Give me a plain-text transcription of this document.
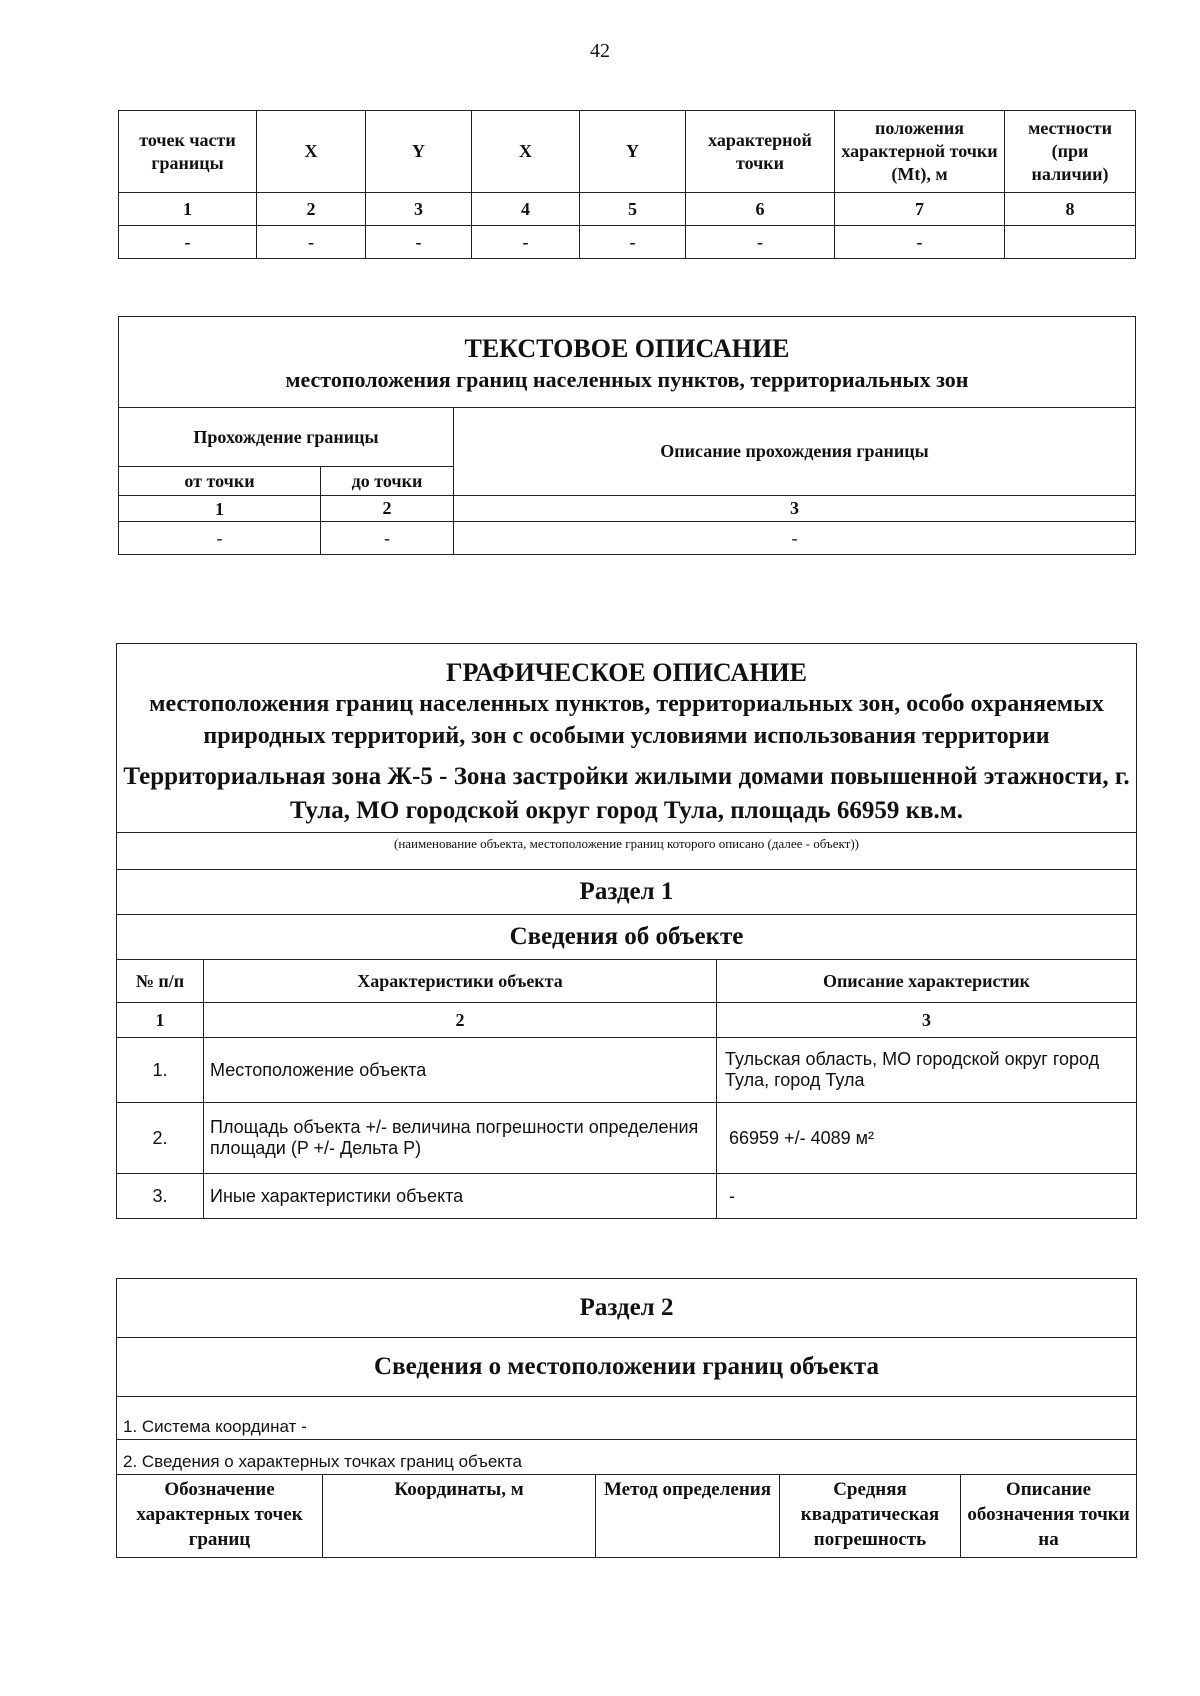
42
точек части границы	X	Y	X	Y	характерной точки	положения характерной точки (Mt), м	местности (при наличии)
1	2	3	4	5	6	7	8
-	-	-	-	-	-	-	
ТЕКСТОВОЕ ОПИСАНИЕ
местоположения границ населенных пунктов, территориальных зон		

Прохождение границы		Описание прохождения границы
от точки	до точки	
1	2	3
-	-	-
ГРАФИЧЕСКОЕ ОПИСАНИЕ
местоположения границ населенных пунктов, территориальных зон, особо охраняемых природных территорий, зон с особыми условиями использования территории
Территориальная зона Ж-5 - Зона застройки жилыми домами повышенной этажности, г. Тула, МО городской округ город Тула, площадь 66959 кв.м.		

(наименование объекта, местоположение границ которого описано (далее - объект))		
Раздел 1		
Сведения об объекте		
№ п/п	Характеристики объекта	Описание характеристик
1	2	3
1.	Местоположение объекта	Тульская область, МО городской округ город Тула, город Тула
2.	Площадь объекта +/- величина погрешности определения площади (P +/- Дельта P)	66959 +/- 4089 м²
3.	Иные характеристики объекта	-
Раздел 2
Сведения о местоположении границ объекта
1. Система координат -
2. Сведения о характерных точках границ объекта
Обозначение характерных точек границ	Координаты, м	Метод определения	Средняя квадратическая погрешность	Описание обозначения точки на
